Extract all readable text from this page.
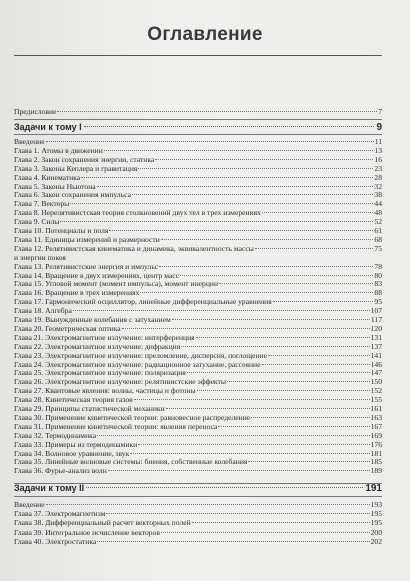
Оглавление
Предисловие	7
Задачи к тому I	9
Введение	11
Глава 1. Атомы в движении	13
Глава 2. Закон сохранения энергии, статика	16
Глава 3. Законы Кеплера и гравитация	23
Глава 4. Кинематика	28
Глава 5. Законы Ньютона	32
Глава 6. Закон сохранения импульса	38
Глава 7. Векторы	44
Глава 8. Нерелятивистская теория столкновений двух тел в трех измерениях	48
Глава 9. Силы	52
Глава 10. Потенциалы и поля	61
Глава 11. Единицы измерений и размерности	68
Глава 12. Релятивистская кинематика и динамика, эквивалентность массы	75
и энергии покоя
Глава 13. Релятивистские энергия и импульс	78
Глава 14. Вращение в двух измерениях, центр масс	80
Глава 15. Угловой момент (момент импульса), момент инерции	83
Глава 16. Вращение в трех измерениях	88
Глава 17. Гармонический осциллятор, линейные дифференциальные уравнения	95
Глава 18. Алгебра	107
Глава 19. Вынужденные колебания с затуханием	117
Глава 20. Геометрическая оптика	120
Глава 21. Электромагнитное излучение: интерференция	131
Глава 22. Электромагнитное излучение: дифракция	137
Глава 23. Электромагнитное излучение: преломление, дисперсия, поглощение	141
Глава 24. Электромагнитное излучение: радиационное затухание, рассеяние	146
Глава 25. Электромагнитное излучение: поляризация	147
Глава 26. Электромагнитное излучение: релятивистские эффекты	150
Глава 27. Квантовые явления: волны, частицы и фотоны	152
Глава 28. Кинетическая теория газов	155
Глава 29. Принципы статистической механики	161
Глава 30. Применение кинетической теории: равновесное распределение	163
Глава 31. Применение кинетической теории: явления переноса	167
Глава 32. Термодинамика	169
Глава 33. Примеры из термодинамики	176
Глава 34. Волновое уравнение, звук	181
Глава 35. Линейные волновые системы: биения, собственные колебания	185
Глава 36. Фурье-анализ волн	189
Задачи к тому II	191
Введение	193
Глава 37. Электромагнетизм	195
Глава 38. Дифференциальный расчет векторных полей	195
Глава 39. Интегральное исчисление векторов	200
Глава 40. Электростатика	202
